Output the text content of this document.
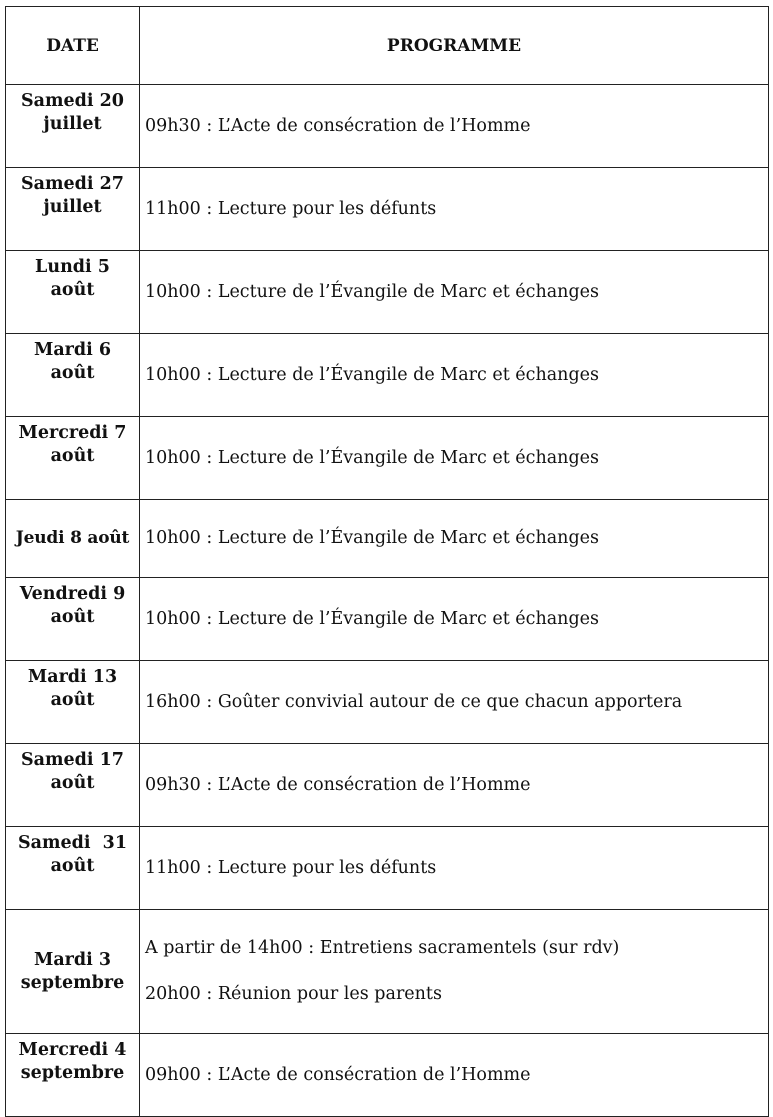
DATE	PROGRAMME

Samedi 20
juillet	09h30 : L’Acte de consécration de l’Homme

Samedi 27
juillet	11h00 : Lecture pour les défunts

Lundi 5
août	10h00 : Lecture de l’Évangile de Marc et échanges

Mardi 6
août	10h00 : Lecture de l’Évangile de Marc et échanges

Mercredi 7
août	10h00 : Lecture de l’Évangile de Marc et échanges

Jeudi 8 août	10h00 : Lecture de l’Évangile de Marc et échanges

Vendredi 9
août	10h00 : Lecture de l’Évangile de Marc et échanges

Mardi 13
août	16h00 : Goûter convivial autour de ce que chacun apportera

Samedi 17
août	09h30 : L’Acte de consécration de l’Homme

Samedi  31
août	11h00 : Lecture pour les défunts

Mardi 3
septembre	A partir de 14h00 : Entretiens sacramentels (sur rdv)
20h00 : Réunion pour les parents

Mercredi 4
septembre	09h00 : L’Acte de consécration de l’Homme
